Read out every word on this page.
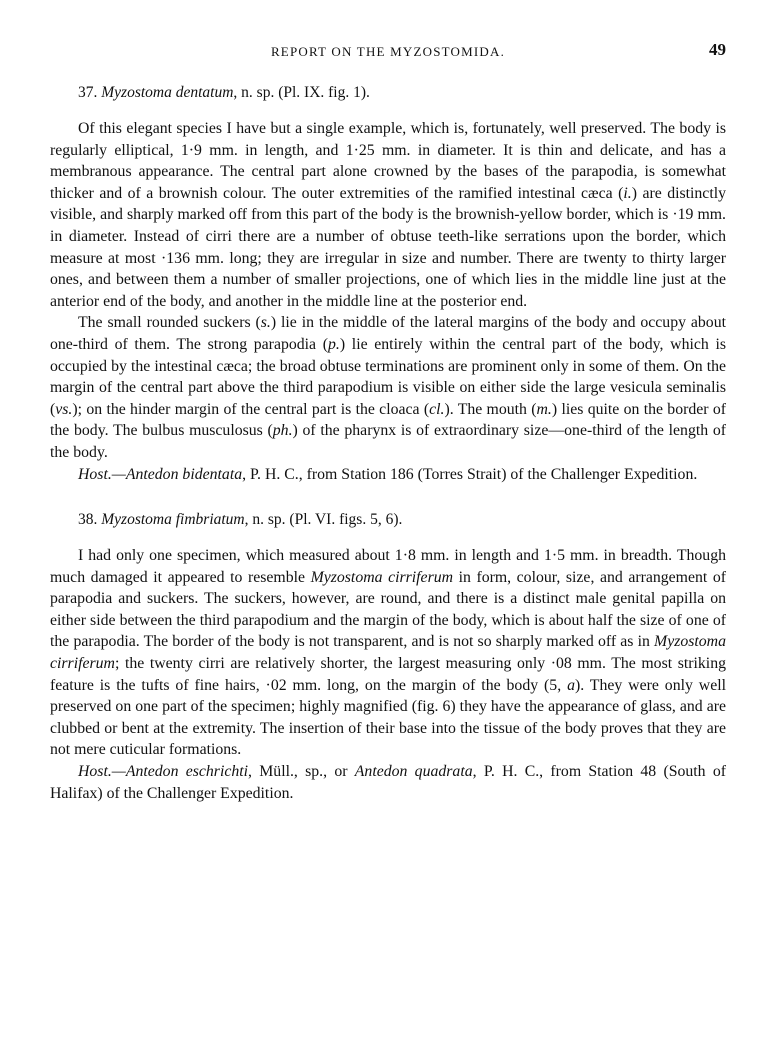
REPORT ON THE MYZOSTOMIDA.	49
37. Myzostoma dentatum, n. sp. (Pl. IX. fig. 1).

Of this elegant species I have but a single example, which is, fortunately, well preserved. The body is regularly elliptical, 1·9 mm. in length, and 1·25 mm. in diameter. It is thin and delicate, and has a membranous appearance. The central part alone crowned by the bases of the parapodia, is somewhat thicker and of a brownish colour. The outer extremities of the ramified intestinal cæca (i.) are distinctly visible, and sharply marked off from this part of the body is the brownish-yellow border, which is ·19 mm. in diameter. Instead of cirri there are a number of obtuse teeth-like serrations upon the border, which measure at most ·136 mm. long; they are irregular in size and number. There are twenty to thirty larger ones, and between them a number of smaller projections, one of which lies in the middle line just at the anterior end of the body, and another in the middle line at the posterior end.

The small rounded suckers (s.) lie in the middle of the lateral margins of the body and occupy about one-third of them. The strong parapodia (p.) lie entirely within the central part of the body, which is occupied by the intestinal cæca; the broad obtuse terminations are prominent only in some of them. On the margin of the central part above the third parapodium is visible on either side the large vesicula seminalis (vs.); on the hinder margin of the central part is the cloaca (cl.). The mouth (m.) lies quite on the border of the body. The bulbus musculosus (ph.) of the pharynx is of extraordinary size—one-third of the length of the body.

Host.—Antedon bidentata, P. H. C., from Station 186 (Torres Strait) of the Challenger Expedition.

38. Myzostoma fimbriatum, n. sp. (Pl. VI. figs. 5, 6).

I had only one specimen, which measured about 1·8 mm. in length and 1·5 mm. in breadth. Though much damaged it appeared to resemble Myzostoma cirriferum in form, colour, size, and arrangement of parapodia and suckers. The suckers, however, are round, and there is a distinct male genital papilla on either side between the third parapodium and the margin of the body, which is about half the size of one of the parapodia. The border of the body is not transparent, and is not so sharply marked off as in Myzostoma cirriferum; the twenty cirri are relatively shorter, the largest measuring only ·08 mm. The most striking feature is the tufts of fine hairs, ·02 mm. long, on the margin of the body (5, a). They were only well preserved on one part of the specimen; highly magnified (fig. 6) they have the appearance of glass, and are clubbed or bent at the extremity. The insertion of their base into the tissue of the body proves that they are not mere cuticular formations.

Host.—Antedon eschrichti, Müll., sp., or Antedon quadrata, P. H. C., from Station 48 (South of Halifax) of the Challenger Expedition.
